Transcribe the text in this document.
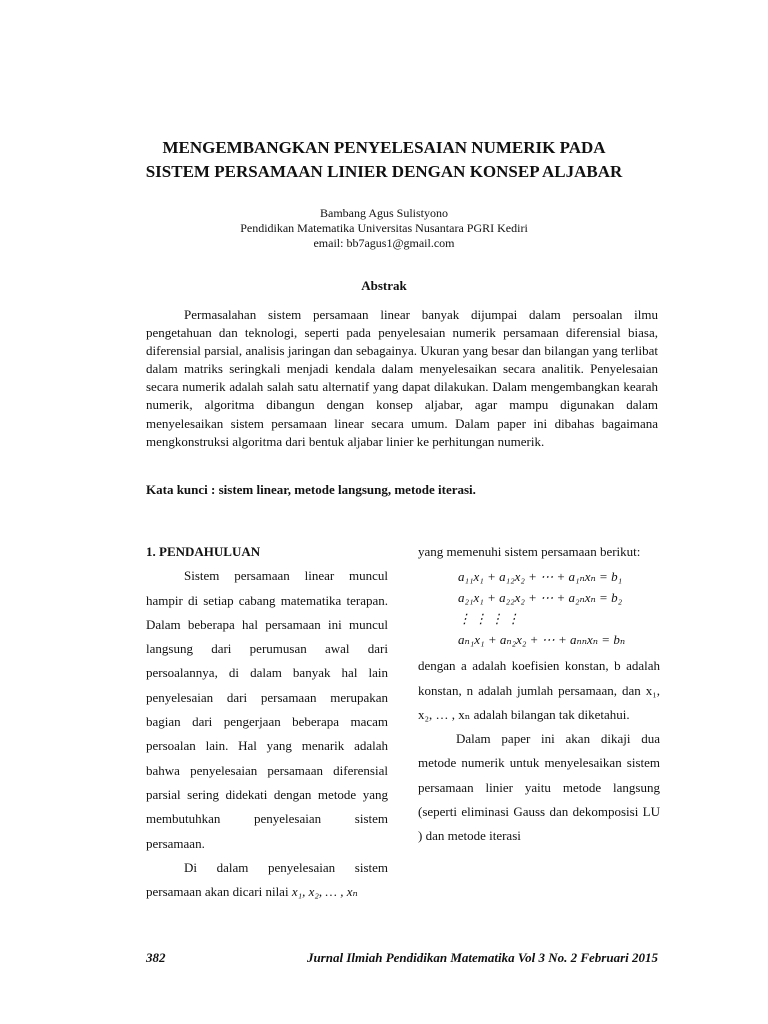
MENGEMBANGKAN PENYELESAIAN NUMERIK PADA
SISTEM PERSAMAAN LINIER DENGAN KONSEP ALJABAR
Bambang Agus Sulistyono
Pendidikan Matematika Universitas Nusantara PGRI Kediri
email: bb7agus1@gmail.com
Abstrak

Permasalahan sistem persamaan linear banyak dijumpai dalam persoalan ilmu pengetahuan dan teknologi, seperti pada penyelesaian numerik persamaan diferensial biasa, diferensial parsial, analisis jaringan dan sebagainya. Ukuran yang besar dan bilangan yang terlibat dalam matriks seringkali menjadi kendala dalam menyelesaikan secara analitik. Penyelesaian secara numerik adalah salah satu alternatif yang dapat dilakukan. Dalam mengembangkan kearah numerik, algoritma dibangun dengan konsep aljabar, agar mampu digunakan dalam menyelesaikan sistem persamaan linear secara umum. Dalam paper ini dibahas bagaimana mengkonstruksi algoritma dari bentuk aljabar linier ke perhitungan numerik.

Kata kunci : sistem linear, metode langsung, metode iterasi.

1. PENDAHULUAN

Sistem persamaan linear muncul hampir di setiap cabang matematika terapan. Dalam beberapa hal persamaan ini muncul langsung dari perumusan awal dari persoalannya, di dalam banyak hal lain penyelesaian dari persamaan merupakan bagian dari pengerjaan beberapa macam persoalan lain. Hal yang menarik adalah bahwa penyelesaian persamaan diferensial parsial sering didekati dengan metode yang membutuhkan penyelesaian sistem persamaan.

Di dalam penyelesaian sistem persamaan akan dicari nilai x₁, x₂, … , xₙ

yang memenuhi sistem persamaan berikut:

a₁₁x₁ + a₁₂x₂ + ⋯ + a₁ₙxₙ = b₁
a₂₁x₁ + a₂₂x₂ + ⋯ + a₂ₙxₙ = b₂
⋮ ⋮ ⋮ ⋮
aₙ₁x₁ + aₙ₂x₂ + ⋯ + aₙₙxₙ = bₙ

dengan a adalah koefisien konstan, b adalah konstan, n adalah jumlah persamaan, dan x₁, x₂, … , xₙ adalah bilangan tak diketahui.

Dalam paper ini akan dikaji dua metode numerik untuk menyelesaikan sistem persamaan linier yaitu metode langsung (seperti eliminasi Gauss dan dekomposisi LU ) dan metode iterasi

382	Jurnal Ilmiah Pendidikan Matematika Vol 3 No. 2 Februari 2015
